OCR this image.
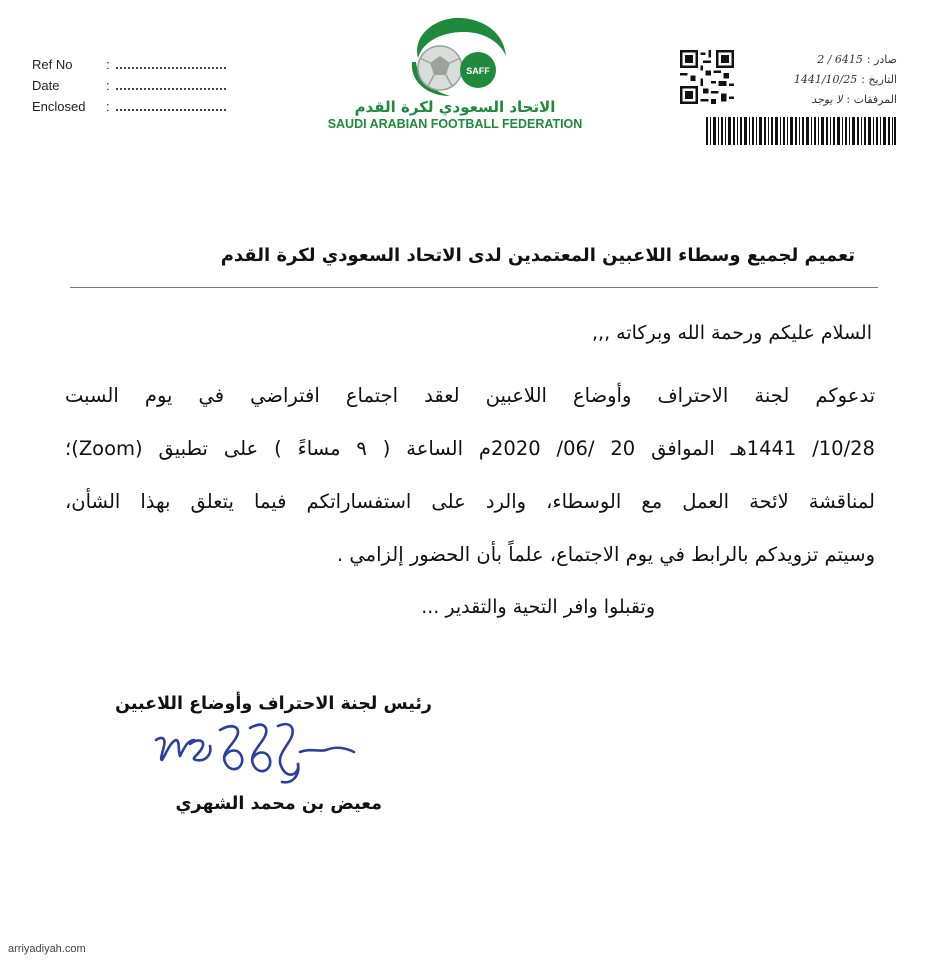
Ref No	:
Date	:
Enclosed	:
SAFF
الاتحاد السعودي لكرة القدم
SAUDI ARABIAN FOOTBALL FEDERATION
صادر :
6415 / 2
التاريخ :
1441/10/25
المرفقات :
لا يوجد
تعميم لجميع وسطاء اللاعبين المعتمدين لدى الاتحاد السعودي لكرة القدم
السلام عليكم ورحمة الله وبركاته ,,,
تدعوكم لجنة الاحتراف وأوضاع اللاعبين لعقد اجتماع افتراضي في يوم السبت
10/28/ 1441هـ الموافق 20 /06/ 2020م الساعة ( ٩ مساءً ) على تطبيق (Zoom)؛
لمناقشة لائحة العمل مع الوسطاء، والرد على استفساراتكم فيما يتعلق بهذا الشأن،
وسيتم تزويدكم بالرابط في يوم الاجتماع، علماً بأن الحضور إلزامي .
وتقبلوا وافر التحية والتقدير ...
رئيس لجنة الاحتراف وأوضاع اللاعبين
معيض بن محمد الشهري
arriyadiyah.com
